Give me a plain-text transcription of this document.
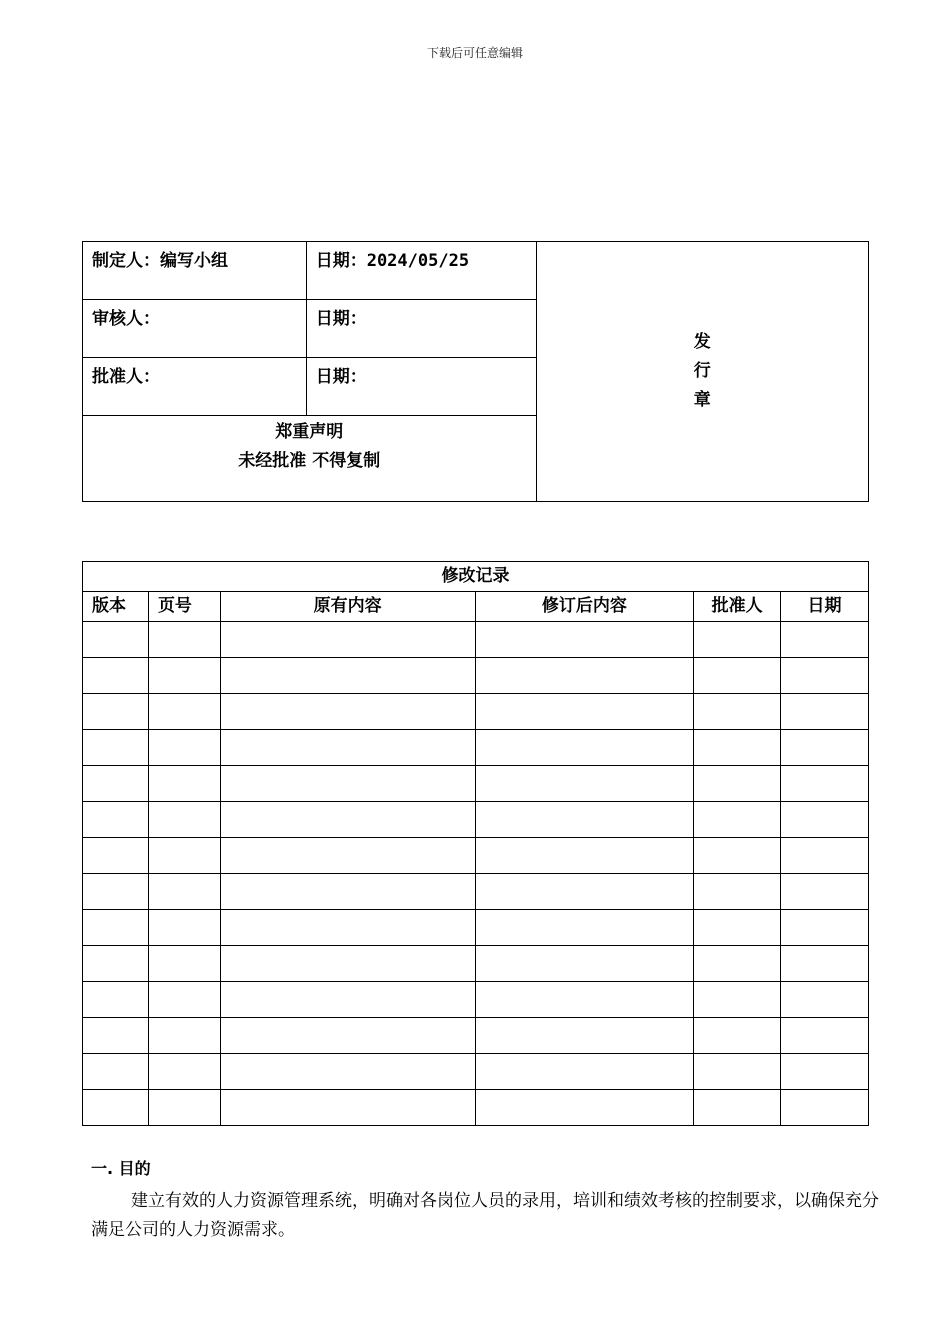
下载后可任意编辑
制定人：编写小组	日期：2024/05/25	发
行
章

审核人：	日期：	
批准人：	日期：	

郑重声明
未经批准 不得复制		
修改记录					
版本	页号	原有内容	修订后内容	批准人	日期

一. 目的

建立有效的人力资源管理系统，明确对各岗位人员的录用，培训和绩效考核的控制要求，以确保充分满足公司的人力资源需求。
